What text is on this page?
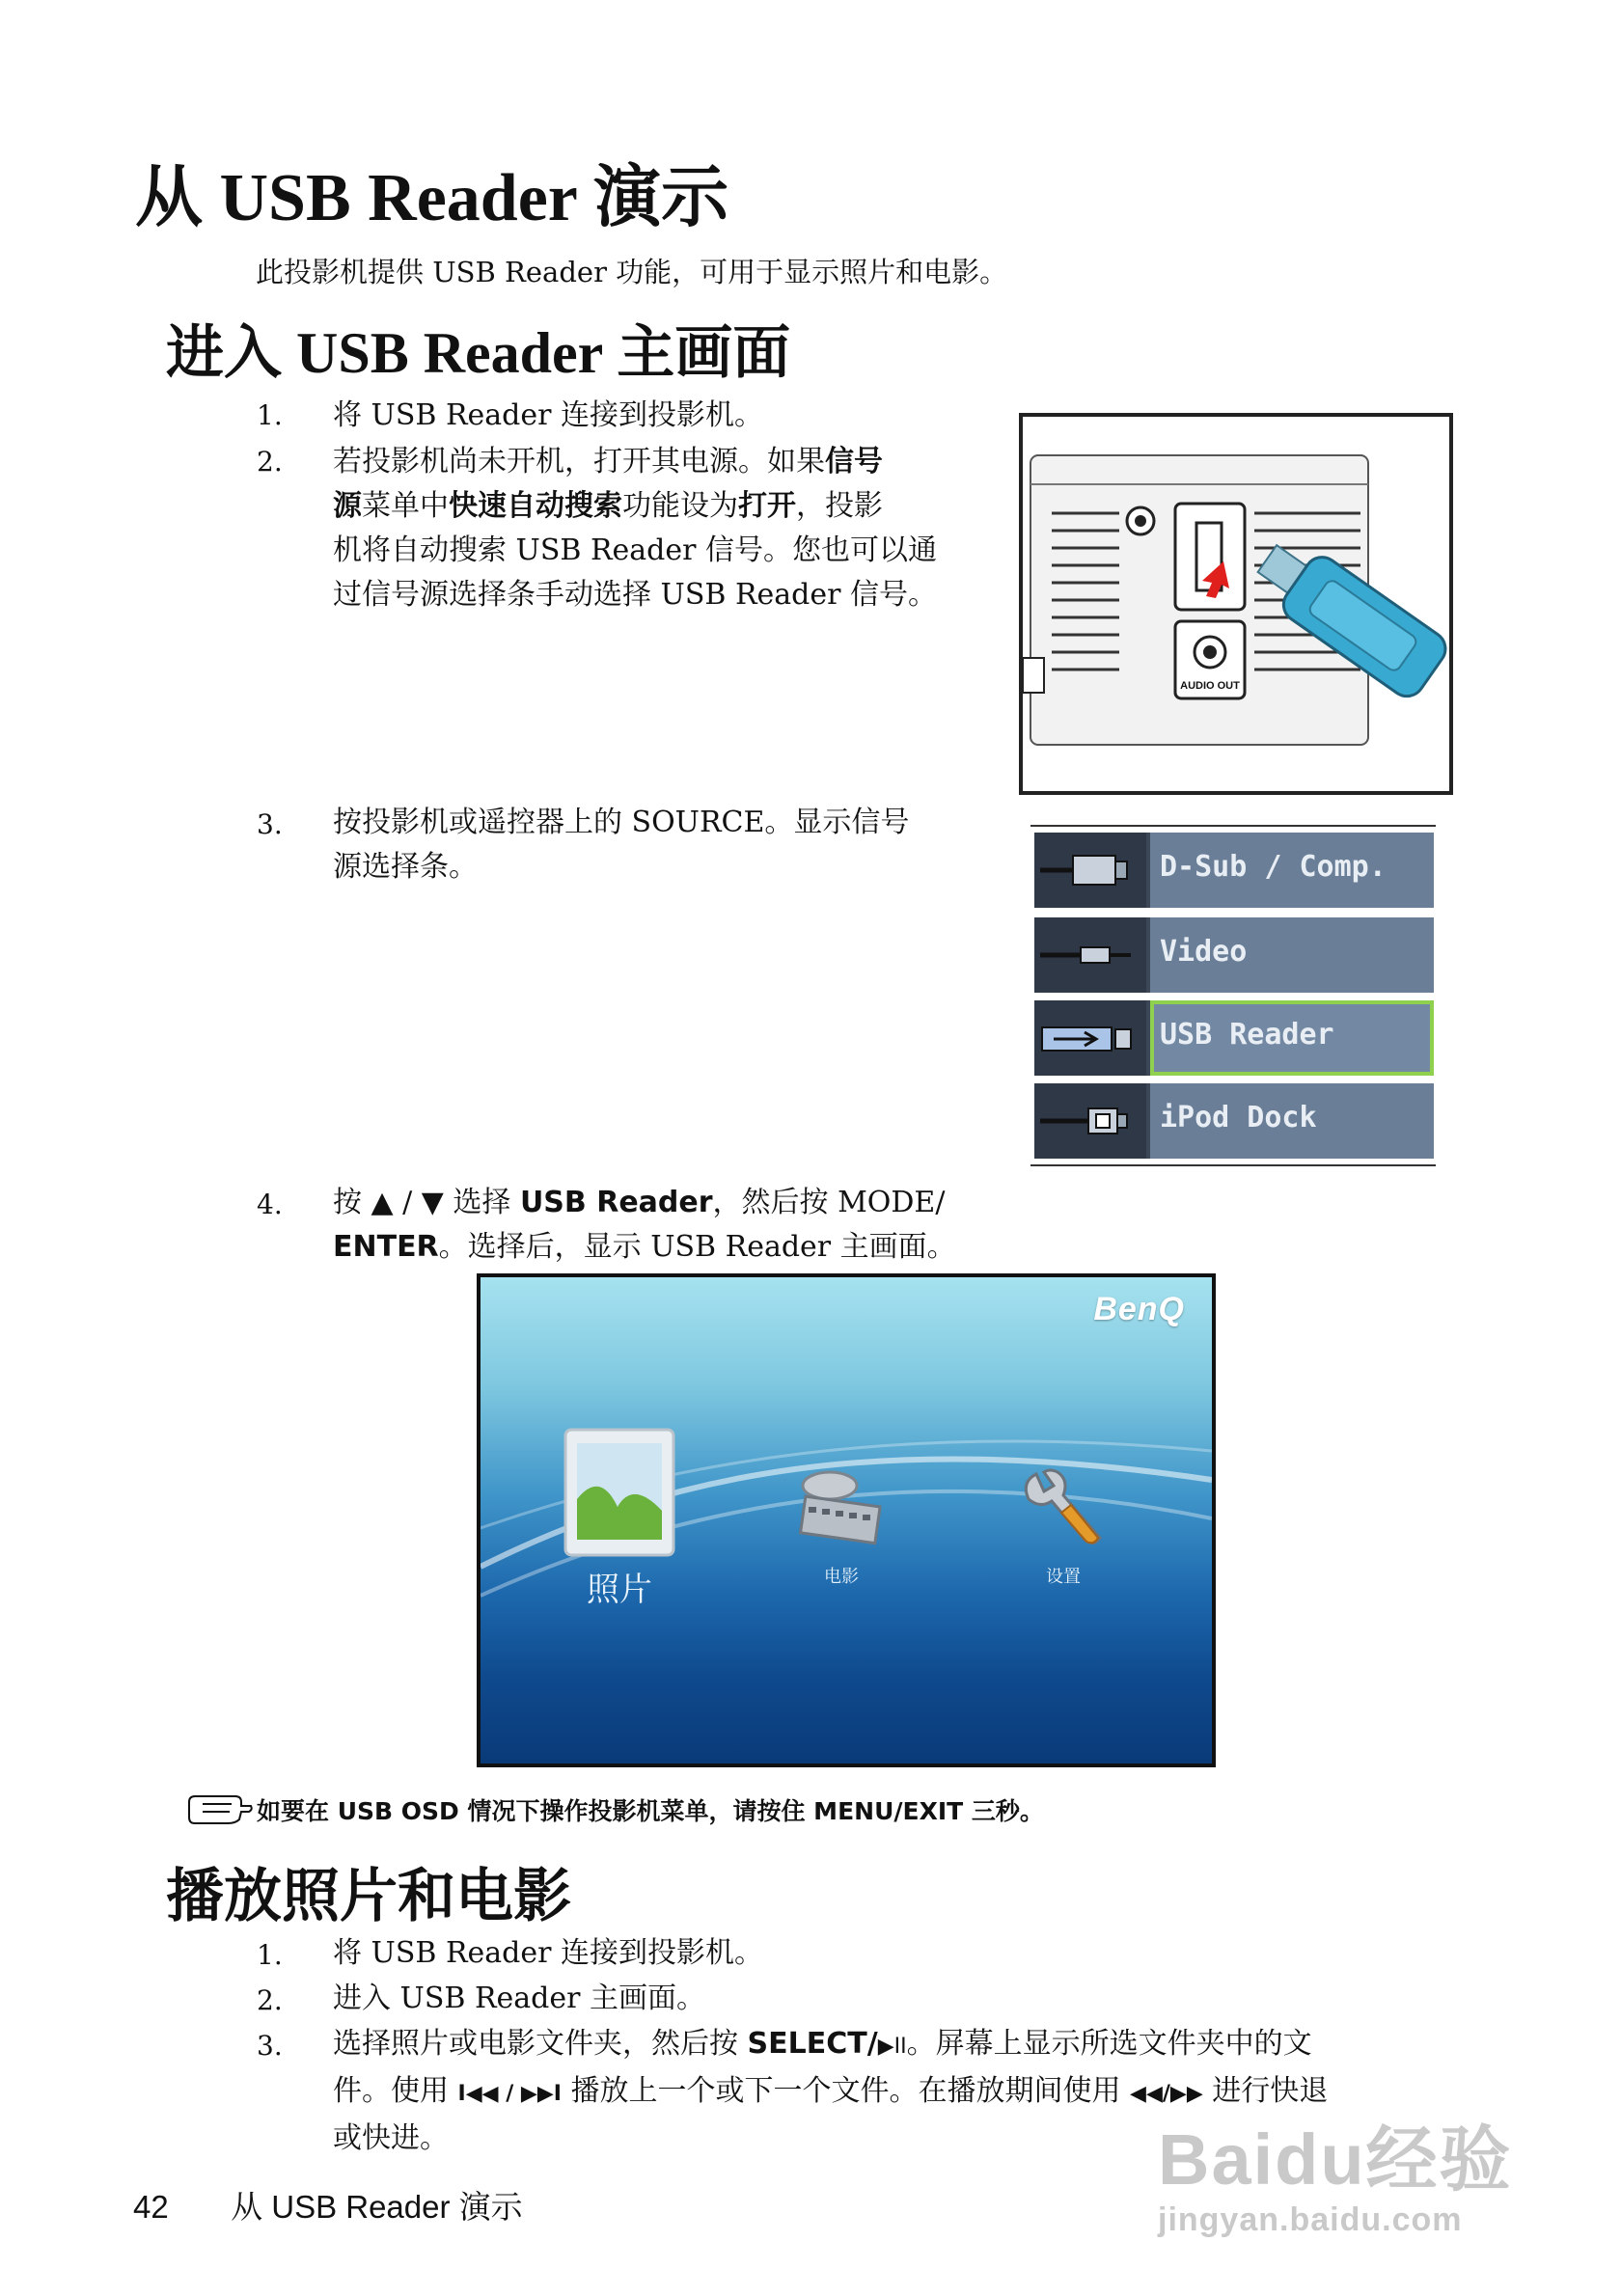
从 USB Reader 演示
此投影机提供 USB Reader 功能，可用于显示照片和电影。
进入 USB Reader 主画面
1.	将 USB Reader 连接到投影机。
2.	若投影机尚未开机，打开其电源。如果信号
源菜单中快速自动搜索功能设为打开，投影
机将自动搜索 USB Reader 信号。您也可以通
过信号源选择条手动选择 USB Reader 信号。
AUDIO OUT
3.	按投影机或遥控器上的 SOURCE。显示信号
源选择条。	D-Sub / Comp.
Video
USB Reader
iPod Dock
4.	按 ▲ / ▼ 选择 USB Reader，然后按 MODE/
ENTER。选择后，显示 USB Reader 主画面。
BenQ
照片	电影	设置
如要在 USB OSD 情况下操作投影机菜单，请按住 MENU/EXIT 三秒。
播放照片和电影
1.	将 USB Reader 连接到投影机。
2.	进入 USB Reader 主画面。
3.	选择照片或电影文件夹，然后按 SELECT/▶II。屏幕上显示所选文件夹中的文
件。使用 I◀◀ / ▶▶I 播放上一个或下一个文件。在播放期间使用 ◀◀/▶▶ 进行快退
或快进。
42 从 USB Reader 演示
Baidu经验
jingyan.baidu.com
